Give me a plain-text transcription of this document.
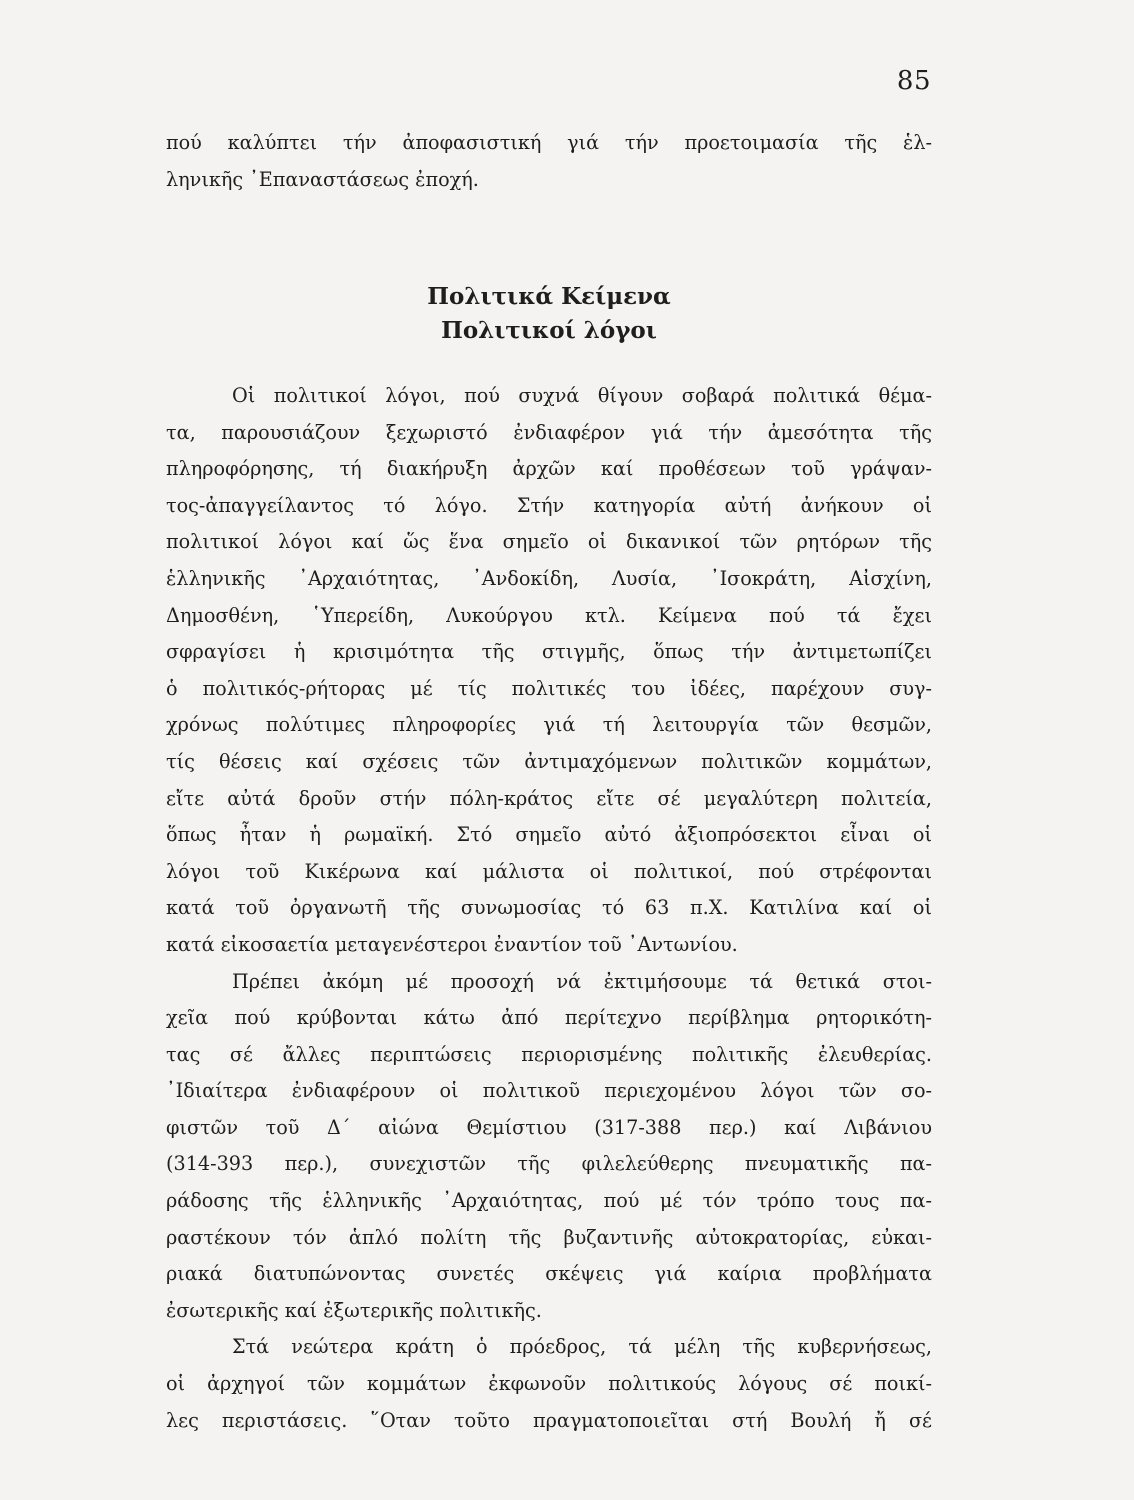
85
πού καλύπτει τήν ἀποφασιστική γιά τήν προετοιμασία τῆς ἑλ-
ληνικῆς ᾿Επαναστάσεως ἐποχή.
Πολιτικά Κείμενα
Πολιτικοί λόγοι
Οἱ πολιτικοί λόγοι, πού συχνά θίγουν σοβαρά πολιτικά θέμα-
τα, παρουσιάζουν ξεχωριστό ἐνδιαφέρον γιά τήν ἀμεσότητα τῆς
πληροφόρησης, τή διακήρυξη ἀρχῶν καί προθέσεων τοῦ γράψαν-
τος-ἀπαγγείλαντος τό λόγο. Στήν κατηγορία αὐτή ἀνήκουν οἱ
πολιτικοί λόγοι καί ὥς ἕνα σημεῖο οἱ δικανικοί τῶν ρητόρων τῆς
ἑλληνικῆς ᾿Αρχαιότητας, ᾿Ανδοκίδη, Λυσία, ᾿Ισοκράτη, Αἰσχίνη,
Δημοσθένη, ῾Υπερείδη, Λυκούργου κτλ. Κείμενα πού τά ἔχει
σφραγίσει ἡ κρισιμότητα τῆς στιγμῆς, ὅπως τήν ἀντιμετωπίζει
ὁ πολιτικός-ρήτορας μέ τίς πολιτικές του ἰδέες, παρέχουν συγ-
χρόνως πολύτιμες πληροφορίες γιά τή λειτουργία τῶν θεσμῶν,
τίς θέσεις καί σχέσεις τῶν ἀντιμαχόμενων πολιτικῶν κομμάτων,
εἴτε αὐτά δροῦν στήν πόλη-κράτος εἴτε σέ μεγαλύτερη πολιτεία,
ὅπως ἦταν ἡ ρωμαϊκή. Στό σημεῖο αὐτό ἀξιοπρόσεκτοι εἶναι οἱ
λόγοι τοῦ Κικέρωνα καί μάλιστα οἱ πολιτικοί, πού στρέφονται
κατά τοῦ ὀργανωτῆ τῆς συνωμοσίας τό 63 π.Χ. Κατιλίνα καί οἱ
κατά εἰκοσαετία μεταγενέστεροι ἐναντίον τοῦ ᾿Αντωνίου.
Πρέπει ἀκόμη μέ προσοχή νά ἐκτιμήσουμε τά θετικά στοι-
χεῖα πού κρύβονται κάτω ἀπό περίτεχνο περίβλημα ρητορικότη-
τας σέ ἄλλες περιπτώσεις περιορισμένης πολιτικῆς ἐλευθερίας.
᾿Ιδιαίτερα ἐνδιαφέρουν οἱ πολιτικοῦ περιεχομένου λόγοι τῶν σο-
φιστῶν τοῦ Δ΄ αἰώνα Θεμίστιου (317-388 περ.) καί Λιβάνιου
(314-393 περ.), συνεχιστῶν τῆς φιλελεύθερης πνευματικῆς πα-
ράδοσης τῆς ἑλληνικῆς ᾿Αρχαιότητας, πού μέ τόν τρόπο τους πα-
ραστέκουν τόν ἁπλό πολίτη τῆς βυζαντινῆς αὐτοκρατορίας, εὐκαι-
ριακά διατυπώνοντας συνετές σκέψεις γιά καίρια προβλήματα
ἐσωτερικῆς καί ἐξωτερικῆς πολιτικῆς.
Στά νεώτερα κράτη ὁ πρόεδρος, τά μέλη τῆς κυβερνήσεως,
οἱ ἀρχηγοί τῶν κομμάτων ἐκφωνοῦν πολιτικούς λόγους σέ ποικί-
λες περιστάσεις. ῞Οταν τοῦτο πραγματοποιεῖται στή Βουλή ἤ σέ
